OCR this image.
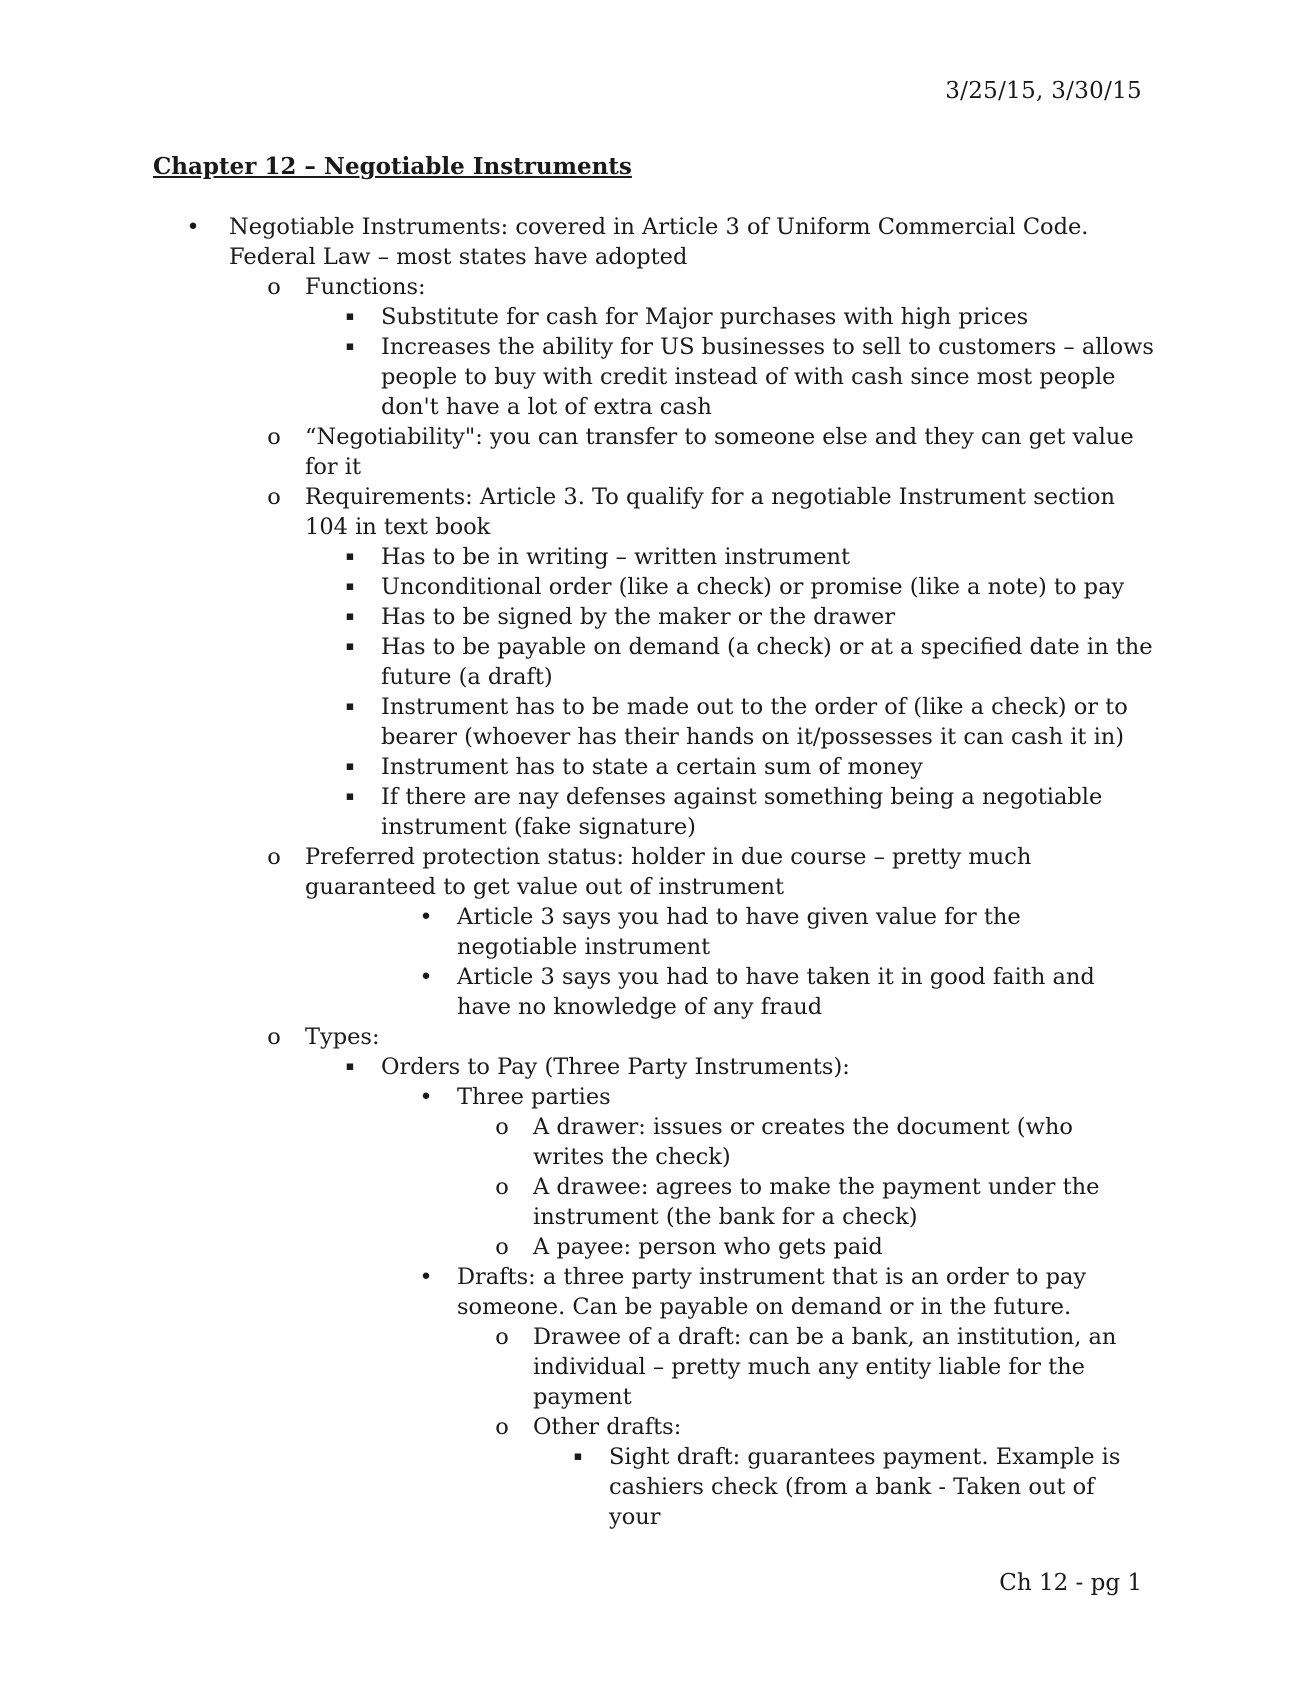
3/25/15, 3/30/15
Chapter 12 – Negotiable Instruments
• Negotiable Instruments: covered in Article 3 of Uniform Commercial Code. Federal Law – most states have adopted
o Functions:
▪ Substitute for cash for Major purchases with high prices
▪ Increases the ability for US businesses to sell to customers – allows people to buy with credit instead of with cash since most people don't have a lot of extra cash
o “Negotiability": you can transfer to someone else and they can get value for it
o Requirements: Article 3. To qualify for a negotiable Instrument section 104 in text book
▪ Has to be in writing – written instrument
▪ Unconditional order (like a check) or promise (like a note) to pay
▪ Has to be signed by the maker or the drawer
▪ Has to be payable on demand (a check) or at a specified date in the future (a draft)
▪ Instrument has to be made out to the order of (like a check) or to bearer (whoever has their hands on it/possesses it can cash it in)
▪ Instrument has to state a certain sum of money
▪ If there are nay defenses against something being a negotiable instrument (fake signature)
o Preferred protection status: holder in due course – pretty much guaranteed to get value out of instrument
• Article 3 says you had to have given value for the negotiable instrument
• Article 3 says you had to have taken it in good faith and have no knowledge of any fraud
o Types:
▪ Orders to Pay (Three Party Instruments):
• Three parties
o A drawer: issues or creates the document (who writes the check)
o A drawee: agrees to make the payment under the instrument (the bank for a check)
o A payee: person who gets paid
• Drafts: a three party instrument that is an order to pay someone. Can be payable on demand or in the future.
o Drawee of a draft: can be a bank, an institution, an individual – pretty much any entity liable for the payment
o Other drafts:
▪ Sight draft: guarantees payment. Example is cashiers check (from a bank - Taken out of your
Ch 12 - pg 1
